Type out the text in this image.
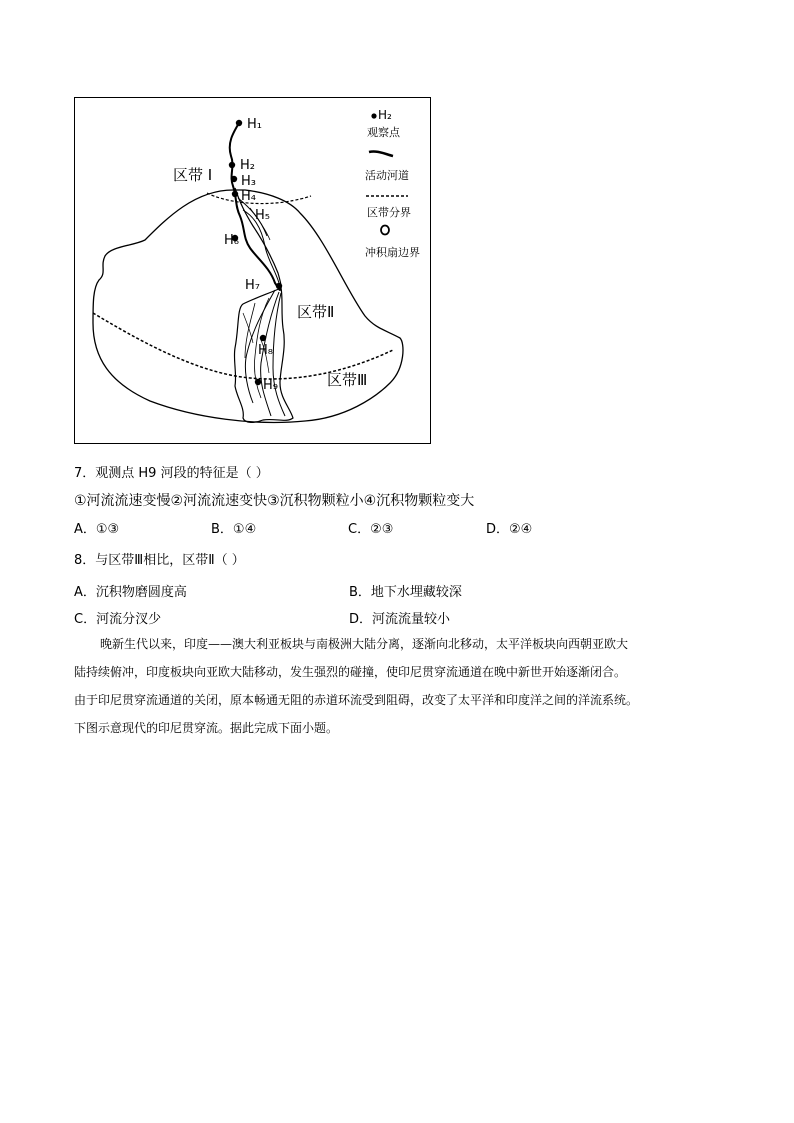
H₁
H₂
H₃
H₄
H₅
H₆
H₇
H₈
H₉
区带 I
区带Ⅱ
区带Ⅲ
H₂
观察点
活动河道
区带分界
冲积扇边界
7．观测点 H9 河段的特征是（ ）
①河流流速变慢②河流流速变快③沉积物颗粒小④沉积物颗粒变大
A．①③	B．①④	C．②③	D．②④
8．与区带Ⅲ相比，区带Ⅱ（ ）
A．沉积物磨圆度高	B．地下水埋藏较深
C．河流分汊少	D．河流流量较小
晚新生代以来，印度——澳大利亚板块与南极洲大陆分离，逐渐向北移动，太平洋板块向西朝亚欧大
陆持续俯冲，印度板块向亚欧大陆移动，发生强烈的碰撞，使印尼贯穿流通道在晚中新世开始逐渐闭合。
由于印尼贯穿流通道的关闭，原本畅通无阻的赤道环流受到阻碍，改变了太平洋和印度洋之间的洋流系统。
下图示意现代的印尼贯穿流。据此完成下面小题。
